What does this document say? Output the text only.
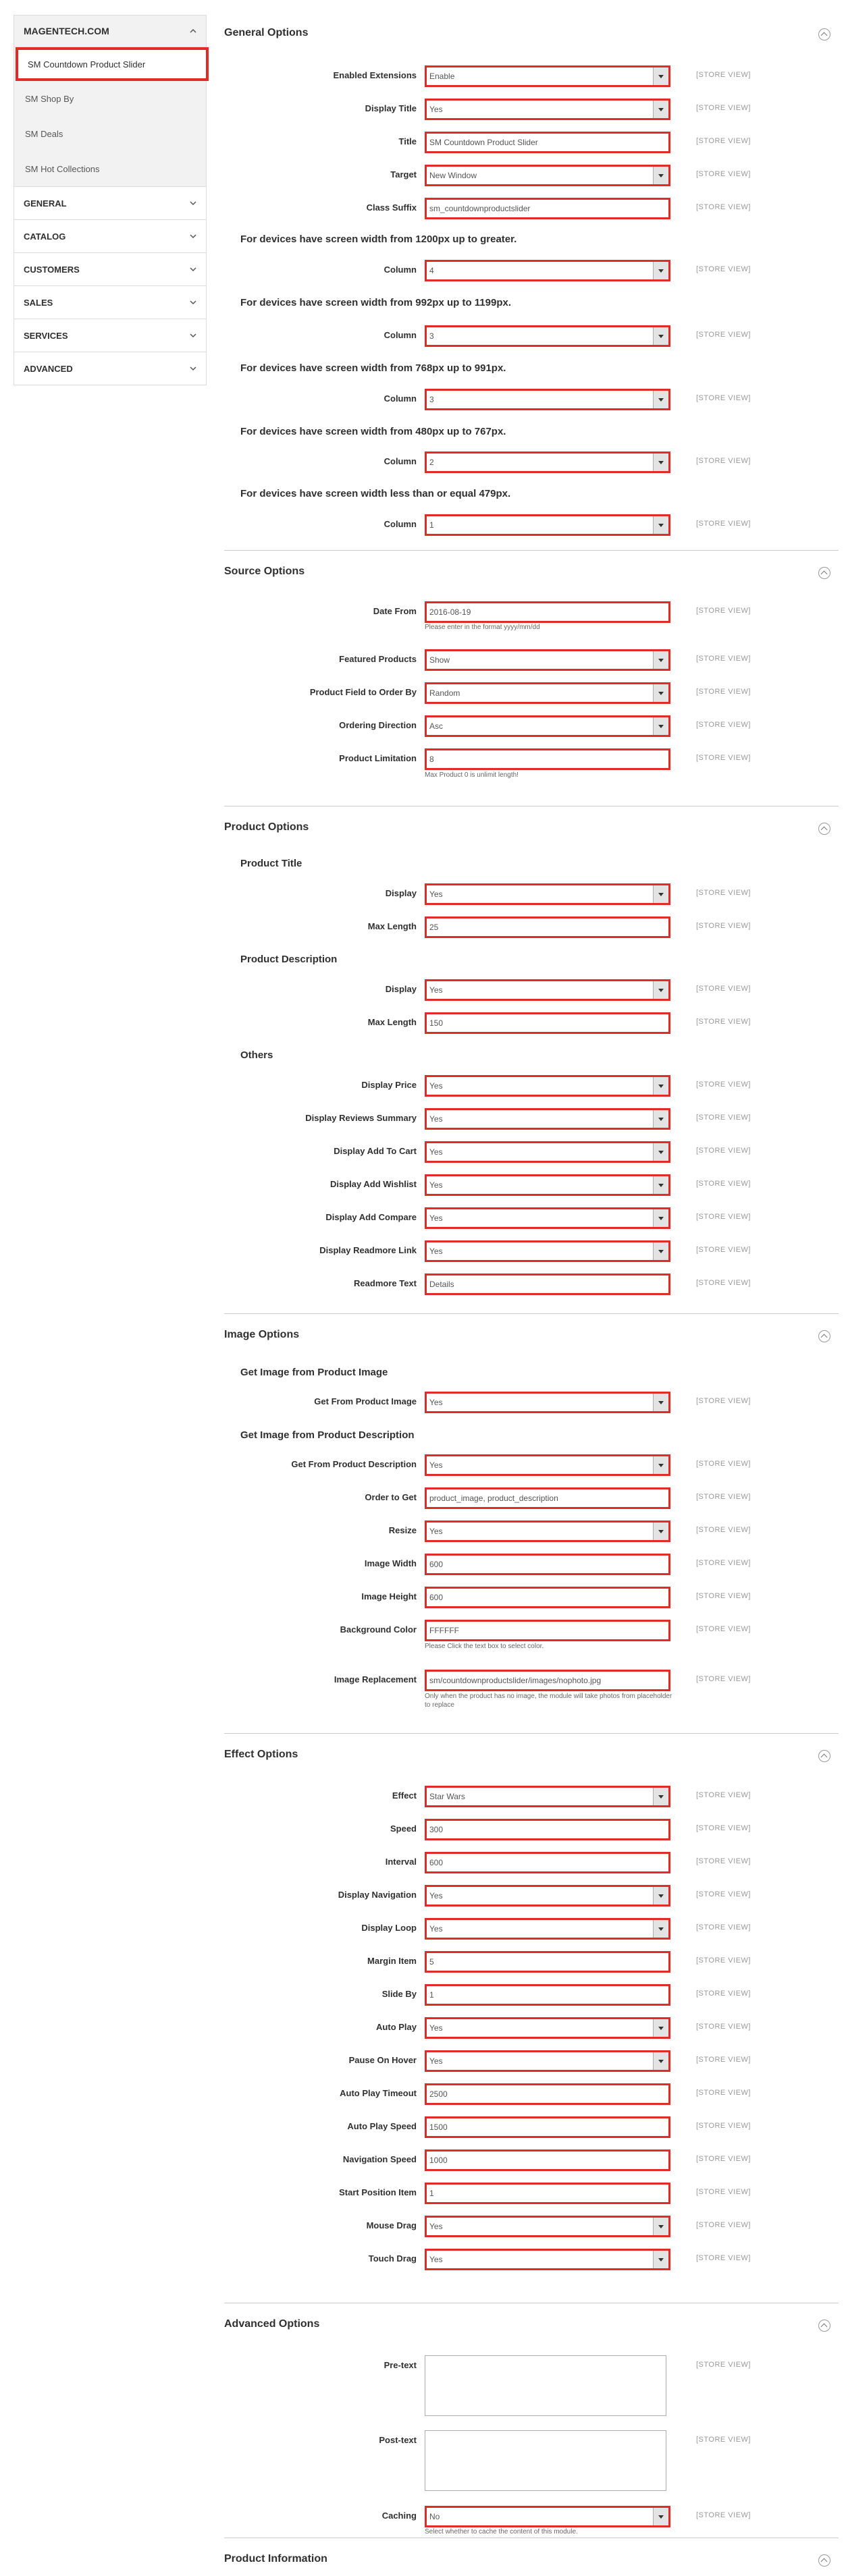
MAGENTECH.COM
SM Countdown Product Slider
SM Shop By
SM Deals
SM Hot Collections
GENERAL
CATALOG
CUSTOMERS
SALES
SERVICES
ADVANCED
General Options
Enabled Extensions	Enable	[STORE VIEW]
Display Title	Yes	[STORE VIEW]
Title	SM Countdown Product Slider	[STORE VIEW]
Target	New Window	[STORE VIEW]
Class Suffix	sm_countdownproductslider	[STORE VIEW]
For devices have screen width from 1200px up to greater.
Column	4	[STORE VIEW]
For devices have screen width from 992px up to 1199px.
Column	3	[STORE VIEW]
For devices have screen width from 768px up to 991px.
Column	3	[STORE VIEW]
For devices have screen width from 480px up to 767px.
Column	2	[STORE VIEW]
For devices have screen width less than or equal 479px.
Column	1	[STORE VIEW]
Source Options
Date From	2016-08-19	[STORE VIEW]
Please enter in the format yyyy/mm/dd
Featured Products	Show	[STORE VIEW]
Product Field to Order By	Random	[STORE VIEW]
Ordering Direction	Asc	[STORE VIEW]
Product Limitation	8	[STORE VIEW]
Max Product 0 is unlimit length!
Product Options
Product Title
Display	Yes	[STORE VIEW]
Max Length	25	[STORE VIEW]
Product Description
Display	Yes	[STORE VIEW]
Max Length	150	[STORE VIEW]
Others
Display Price	Yes	[STORE VIEW]
Display Reviews Summary	Yes	[STORE VIEW]
Display Add To Cart	Yes	[STORE VIEW]
Display Add Wishlist	Yes	[STORE VIEW]
Display Add Compare	Yes	[STORE VIEW]
Display Readmore Link	Yes	[STORE VIEW]
Readmore Text	Details	[STORE VIEW]
Image Options
Get Image from Product Image
Get From Product Image	Yes	[STORE VIEW]
Get Image from Product Description
Get From Product Description	Yes	[STORE VIEW]
Order to Get	product_image, product_description	[STORE VIEW]
Resize	Yes	[STORE VIEW]
Image Width	600	[STORE VIEW]
Image Height	600	[STORE VIEW]
Background Color	FFFFFF	[STORE VIEW]
Please Click the text box to select color.
Image Replacement	sm/countdownproductslider/images/nophoto.jpg	[STORE VIEW]
Only when the product has no image, the module will take photos from placeholder to replace
Effect Options
Effect	Star Wars	[STORE VIEW]
Speed	300	[STORE VIEW]
Interval	600	[STORE VIEW]
Display Navigation	Yes	[STORE VIEW]
Display Loop	Yes	[STORE VIEW]
Margin Item	5	[STORE VIEW]
Slide By	1	[STORE VIEW]
Auto Play	Yes	[STORE VIEW]
Pause On Hover	Yes	[STORE VIEW]
Auto Play Timeout	2500	[STORE VIEW]
Auto Play Speed	1500	[STORE VIEW]
Navigation Speed	1000	[STORE VIEW]
Start Position Item	1	[STORE VIEW]
Mouse Drag	Yes	[STORE VIEW]
Touch Drag	Yes	[STORE VIEW]
Advanced Options
Pre-text	[STORE VIEW]
Post-text	[STORE VIEW]
Caching	No	[STORE VIEW]
Select whether to cache the content of this module.
Product Information
